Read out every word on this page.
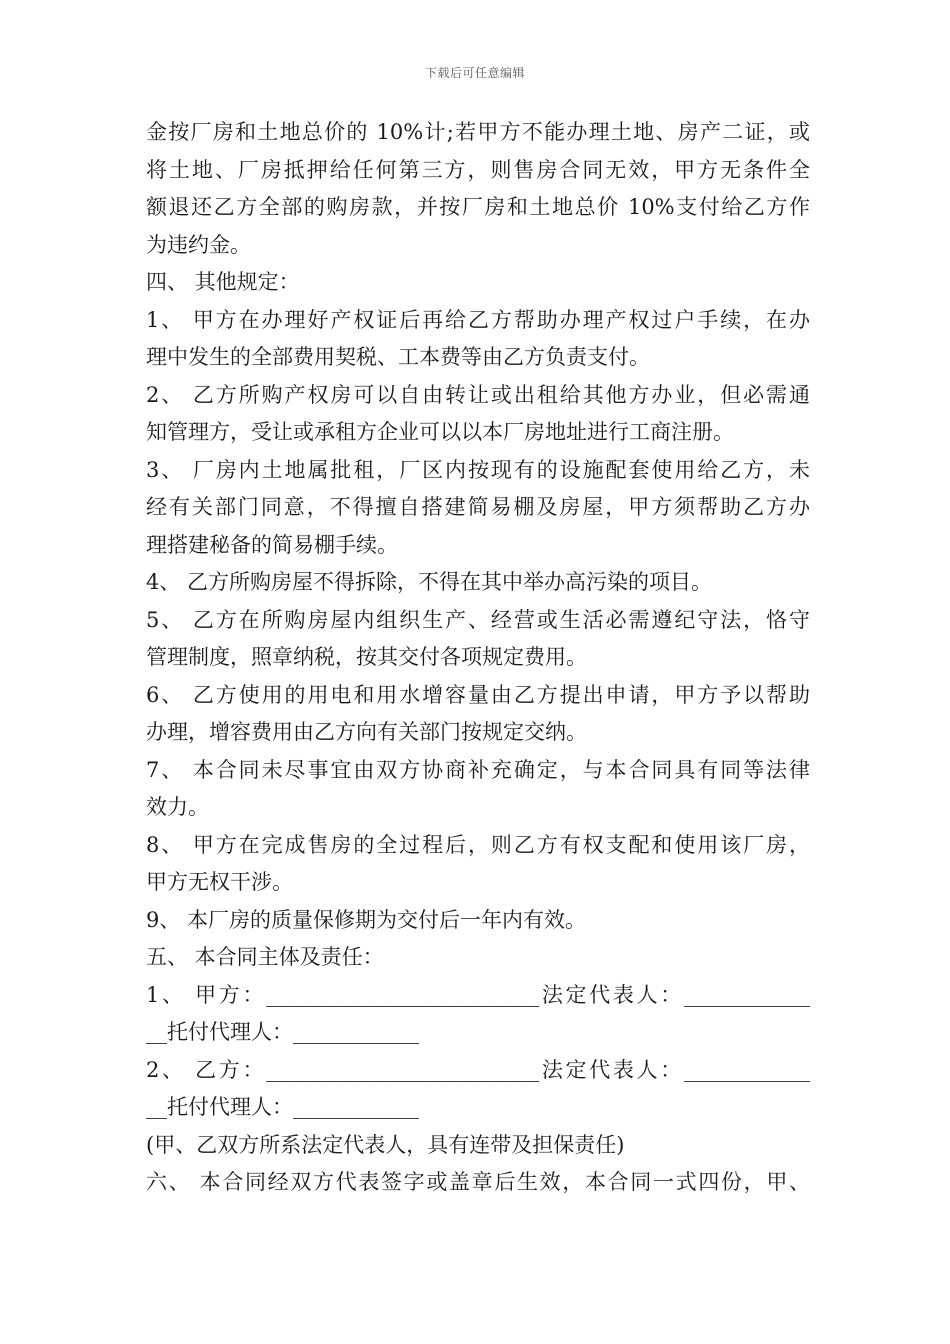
下载后可任意编辑
金按厂房和土地总价的 10%计;若甲方不能办理土地、房产二证，或
将土地、厂房抵押给任何第三方，则售房合同无效，甲方无条件全
额退还乙方全部的购房款，并按厂房和土地总价 10%支付给乙方作
为违约金。
四、 其他规定：
1、 甲方在办理好产权证后再给乙方帮助办理产权过户手续，在办
理中发生的全部费用契税、工本费等由乙方负责支付。
2、 乙方所购产权房可以自由转让或出租给其他方办业，但必需通
知管理方，受让或承租方企业可以以本厂房地址进行工商注册。
3、 厂房内土地属批租，厂区内按现有的设施配套使用给乙方，未
经有关部门同意，不得擅自搭建简易棚及房屋，甲方须帮助乙方办
理搭建秘备的简易棚手续。
4、 乙方所购房屋不得拆除，不得在其中举办高污染的项目。
5、 乙方在所购房屋内组织生产、经营或生活必需遵纪守法，恪守
管理制度，照章纳税，按其交付各项规定费用。
6、 乙方使用的用电和用水增容量由乙方提出申请，甲方予以帮助
办理，增容费用由乙方向有关部门按规定交纳。
7、 本合同未尽事宜由双方协商补充确定，与本合同具有同等法律
效力。
8、 甲方在完成售房的全过程后，则乙方有权支配和使用该厂房，
甲方无权干涉。
9、 本厂房的质量保修期为交付后一年内有效。
五、 本合同主体及责任：
1、 甲方：__________________________法定代表人：____________
__托付代理人：____________
2、 乙方：__________________________法定代表人：____________
__托付代理人：____________
(甲、乙双方所系法定代表人，具有连带及担保责任)
六、 本合同经双方代表签字或盖章后生效，本合同一式四份，甲、
